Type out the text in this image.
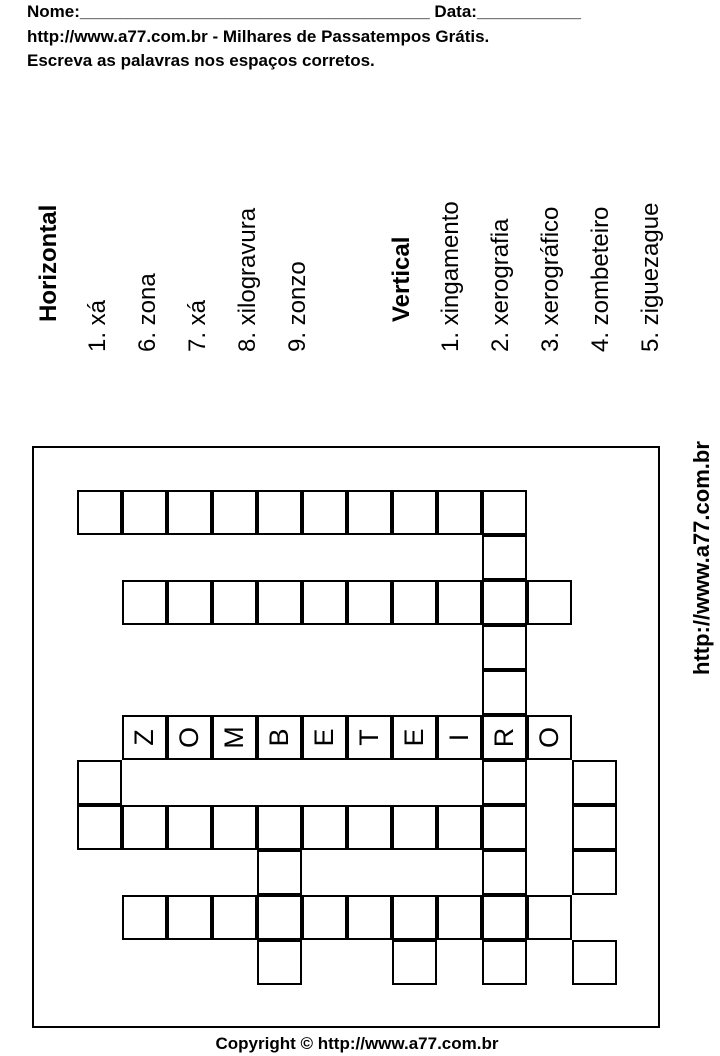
Nome:_____________________________________ Data:___________
http://www.a77.com.br - Milhares de Passatempos Grátis.
Escreva as palavras nos espaços corretos.
Horizontal
1. xá 6. zona 7. xá 8. xilogravura 9. zonzo	Vertical 1. xingamento 2. xerografia 3. xerográfico 4. zombeteiro 5. ziguezague
http://www.a77.com.br
Z O M B E T E I R O
Copyright © http://www.a77.com.br
